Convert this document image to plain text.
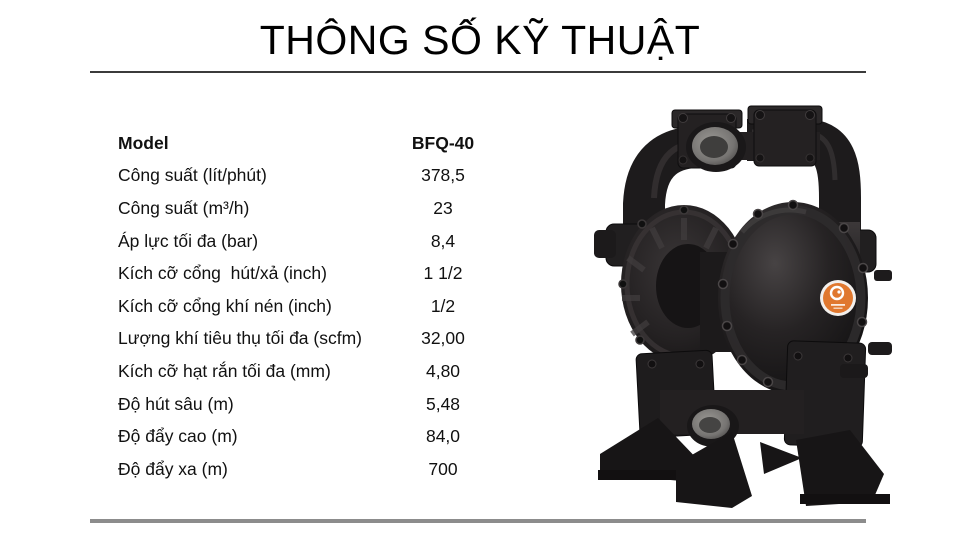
THÔNG SỐ KỸ THUẬT
Model	BFQ-40
Công suất (lít/phút)	378,5
Công suất (m³/h)	23
Áp lực tối đa (bar)	8,4
Kích cỡ cổng  hút/xả (inch)	1 1/2
Kích cỡ cổng khí nén (inch)	1/2
Lượng khí tiêu thụ tối đa (scfm)	32,00
Kích cỡ hạt rắn tối đa (mm)	4,80
Độ hút sâu (m)	5,48
Độ đẩy cao (m)	84,0
Độ đẩy xa (m)	700
